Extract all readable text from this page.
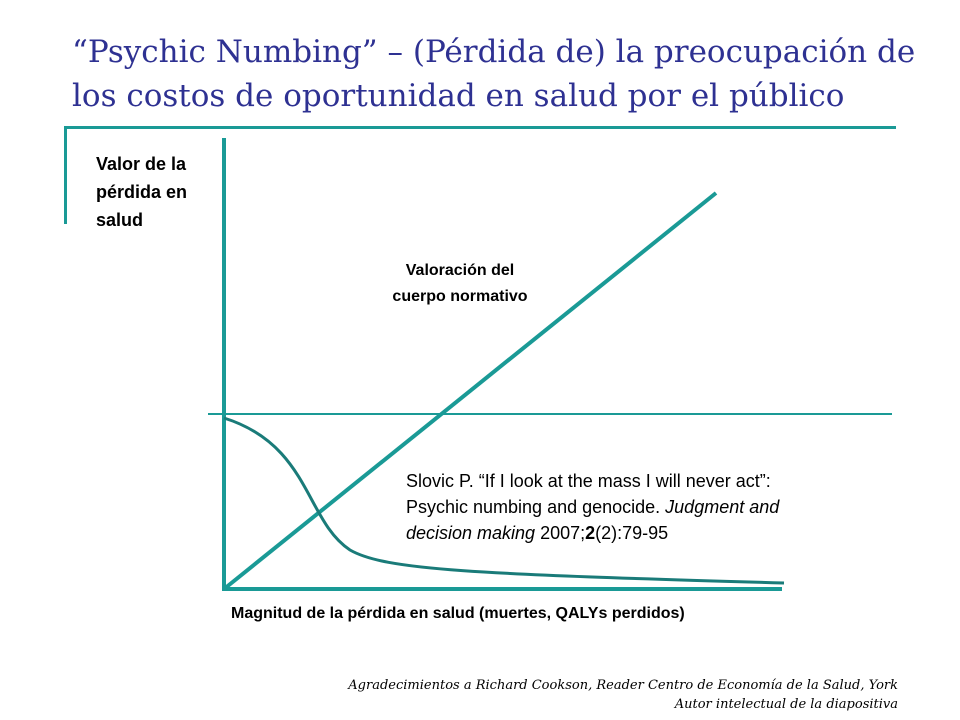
“Psychic Numbing” – (Pérdida de) la preocupación de
los costos de oportunidad en salud por el público
Valor de la
pérdida en
salud
Valoración del
cuerpo normativo
Slovic P. “If I look at the mass I will never act”:
Psychic numbing and genocide. Judgment and
decision making 2007;2(2):79-95
Magnitud de la pérdida en salud (muertes, QALYs perdidos)
Agradecimientos a Richard Cookson, Reader Centro de Economía de la Salud, York
Autor intelectual de la diapositiva
